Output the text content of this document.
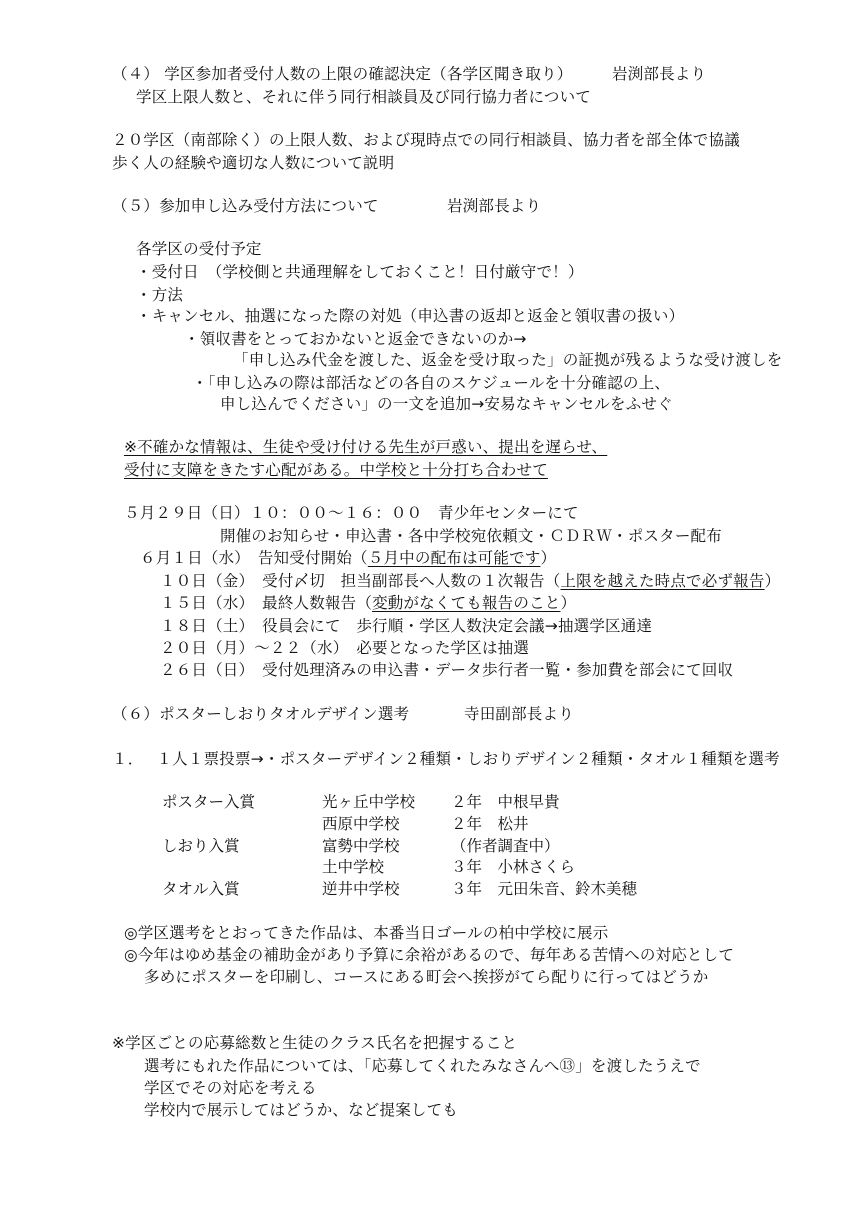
（４） 学区参加者受付人数の上限の確認決定（各学区聞き取り）	岩渕部長より
学区上限人数と、それに伴う同行相談員及び同行協力者について
２０学区（南部除く）の上限人数、および現時点での同行相談員、協力者を部全体で協議
歩く人の経験や適切な人数について説明
（５）参加申し込み受付方法について	岩渕部長より
各学区の受付予定
・受付日　（学校側と共通理解をしておくこと！日付厳守で！）
・方法
・キャンセル、抽選になった際の対処（申込書の返却と返金と領収書の扱い）
・領収書をとっておかないと返金できないのか→
「申し込み代金を渡した、返金を受け取った」の証拠が残るような受け渡しを
・「申し込みの際は部活などの各自のスケジュールを十分確認の上、
申し込んでください」の一文を追加→安易なキャンセルをふせぐ
※不確かな情報は、生徒や受け付ける先生が戸惑い、提出を遅らせ、
受付に支障をきたす心配がある。中学校と十分打ち合わせて
５月２９日（日）１０：００～１６：００　青少年センターにて
開催のお知らせ・申込書・各中学校宛依頼文・ＣＤＲＷ・ポスター配布
６月１日（水）　告知受付開始（５月中の配布は可能です）
１０日（金）　受付〆切　担当副部長へ人数の１次報告（上限を越えた時点で必ず報告）
１５日（水）　最終人数報告（変動がなくても報告のこと）
１８日（土）　役員会にて　歩行順・学区人数決定会議→抽選学区通達
２０日（月）～２２（水）　必要となった学区は抽選
２６日（日）　受付処理済みの申込書・データ歩行者一覧・参加費を部会にて回収
（６）ポスターしおりタオルデザイン選考	寺田副部長より
１．　 １人１票投票→・ポスターデザイン２種類・しおりデザイン２種類・タオル１種類を選考
ポスター入賞	光ヶ丘中学校 ２年　中根早貴
西原中学校	２年　松井
しおり入賞	富勢中学校	（作者調査中）
土中学校	３年　小林さくら
タオル入賞	逆井中学校	３年　元田朱音、鈴木美穂
◎学区選考をとおってきた作品は、本番当日ゴールの柏中学校に展示
◎今年はゆめ基金の補助金があり予算に余裕があるので、毎年ある苦情への対応として
多めにポスターを印刷し、コースにある町会へ挨拶がてら配りに行ってはどうか
※学区ごとの応募総数と生徒のクラス氏名を把握すること
選考にもれた作品については、「応募してくれたみなさんへ⑬」を渡したうえで
学区でその対応を考える
学校内で展示してはどうか、など提案しても
